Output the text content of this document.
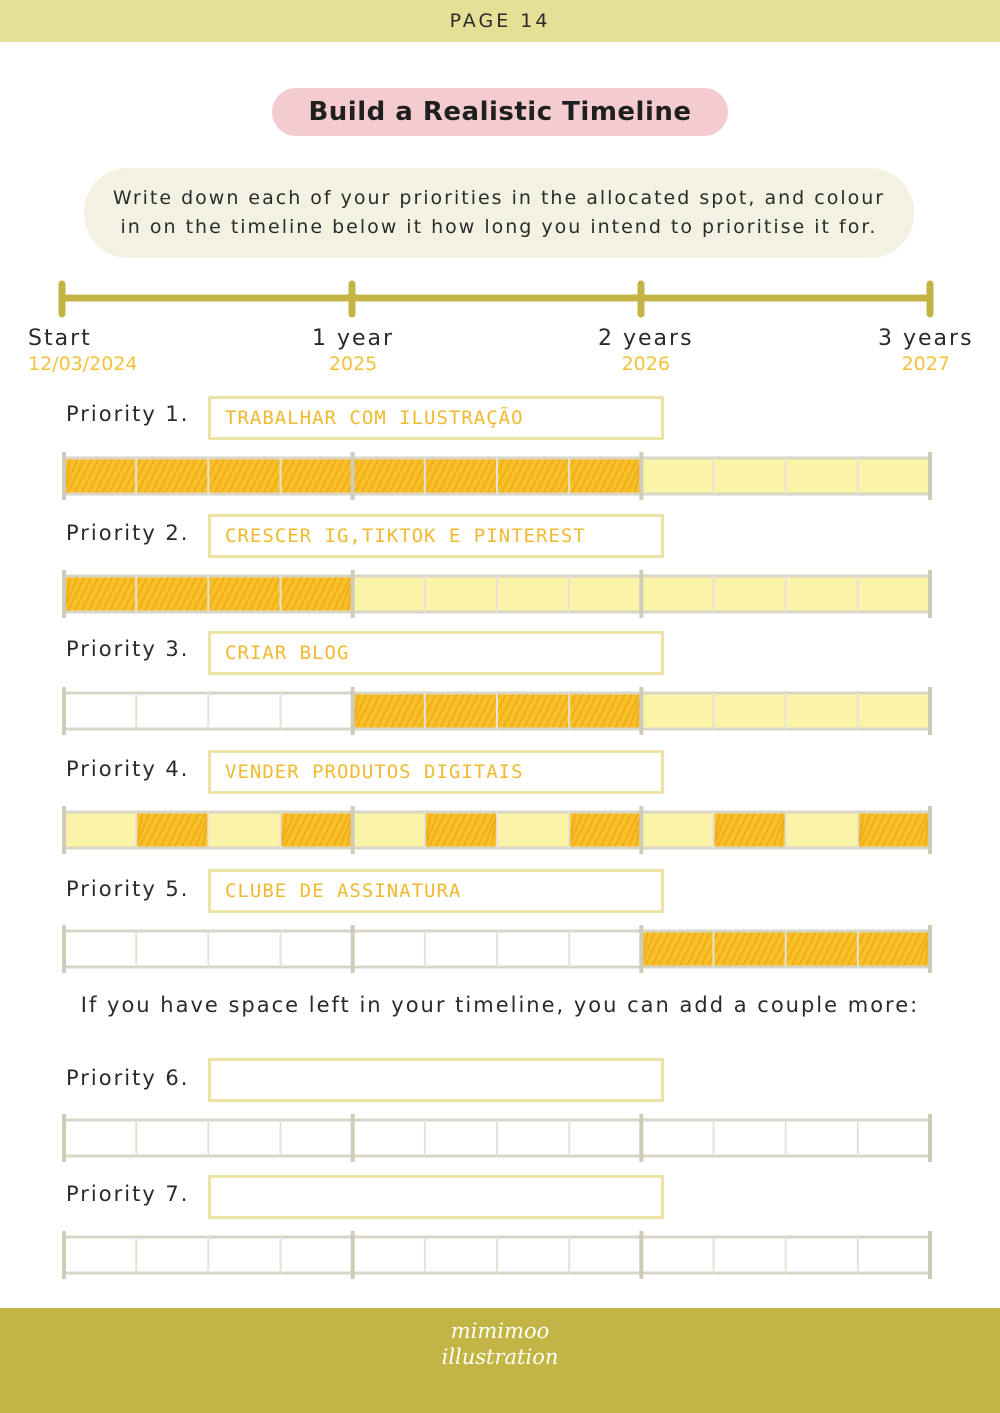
PAGE 14
Build a Realistic Timeline
Write down each of your priorities in the allocated spot, and colour in on the timeline below it how long you intend to prioritise it for.
Start
12/03/2024
1 year
2025
2 years
2026
3 years
2027
Priority 1. TRABALHAR COM ILUSTRAÇÃO
Priority 2. CRESCER IG,TIKTOK E PINTEREST
Priority 3. CRIAR BLOG
Priority 4. VENDER PRODUTOS DIGITAIS
Priority 5. CLUBE DE ASSINATURA
If you have space left in your timeline, you can add a couple more:
Priority 6.
Priority 7.
mimimoo
illustration
